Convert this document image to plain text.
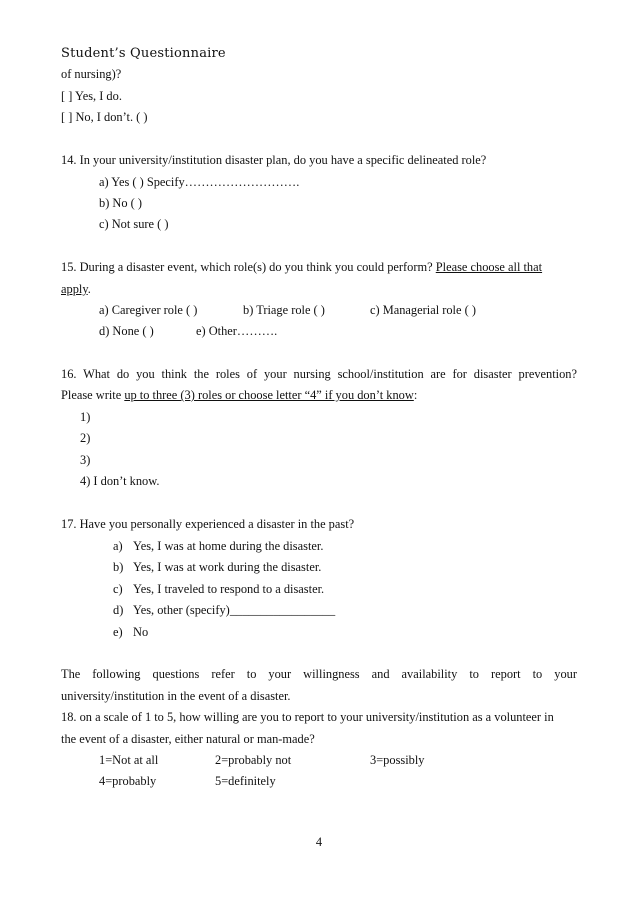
Student’s Questionnaire
of nursing)?
[ ] Yes, I do.
[ ] No, I don’t. ( )
14. In your university/institution disaster plan, do you have a specific delineated role?
a) Yes ( ) Specify……………………….
b) No ( )
c) Not sure ( )
15. During a disaster event, which role(s) do you think you could perform? Please choose all that
apply.
a) Caregiver role ( )	b) Triage role ( )	c) Managerial role ( )
d) None ( )	e) Other……….
16. What do you think the roles of your nursing school/institution are for disaster prevention?
Please write up to three (3) roles or choose letter “4” if you don’t know:
1)
2)
3)
4) I don’t know.
17. Have you personally experienced a disaster in the past?
a) Yes, I was at home during the disaster.
b) Yes, I was at work during the disaster.
c) Yes, I traveled to respond to a disaster.
d) Yes, other (specify)_________________
e) No
The following questions refer to your willingness and availability to report to your
university/institution in the event of a disaster.
18. on a scale of 1 to 5, how willing are you to report to your university/institution as a volunteer in
the event of a disaster, either natural or man-made?
1=Not at all	2=probably not	3=possibly
4=probably	5=definitely
4
